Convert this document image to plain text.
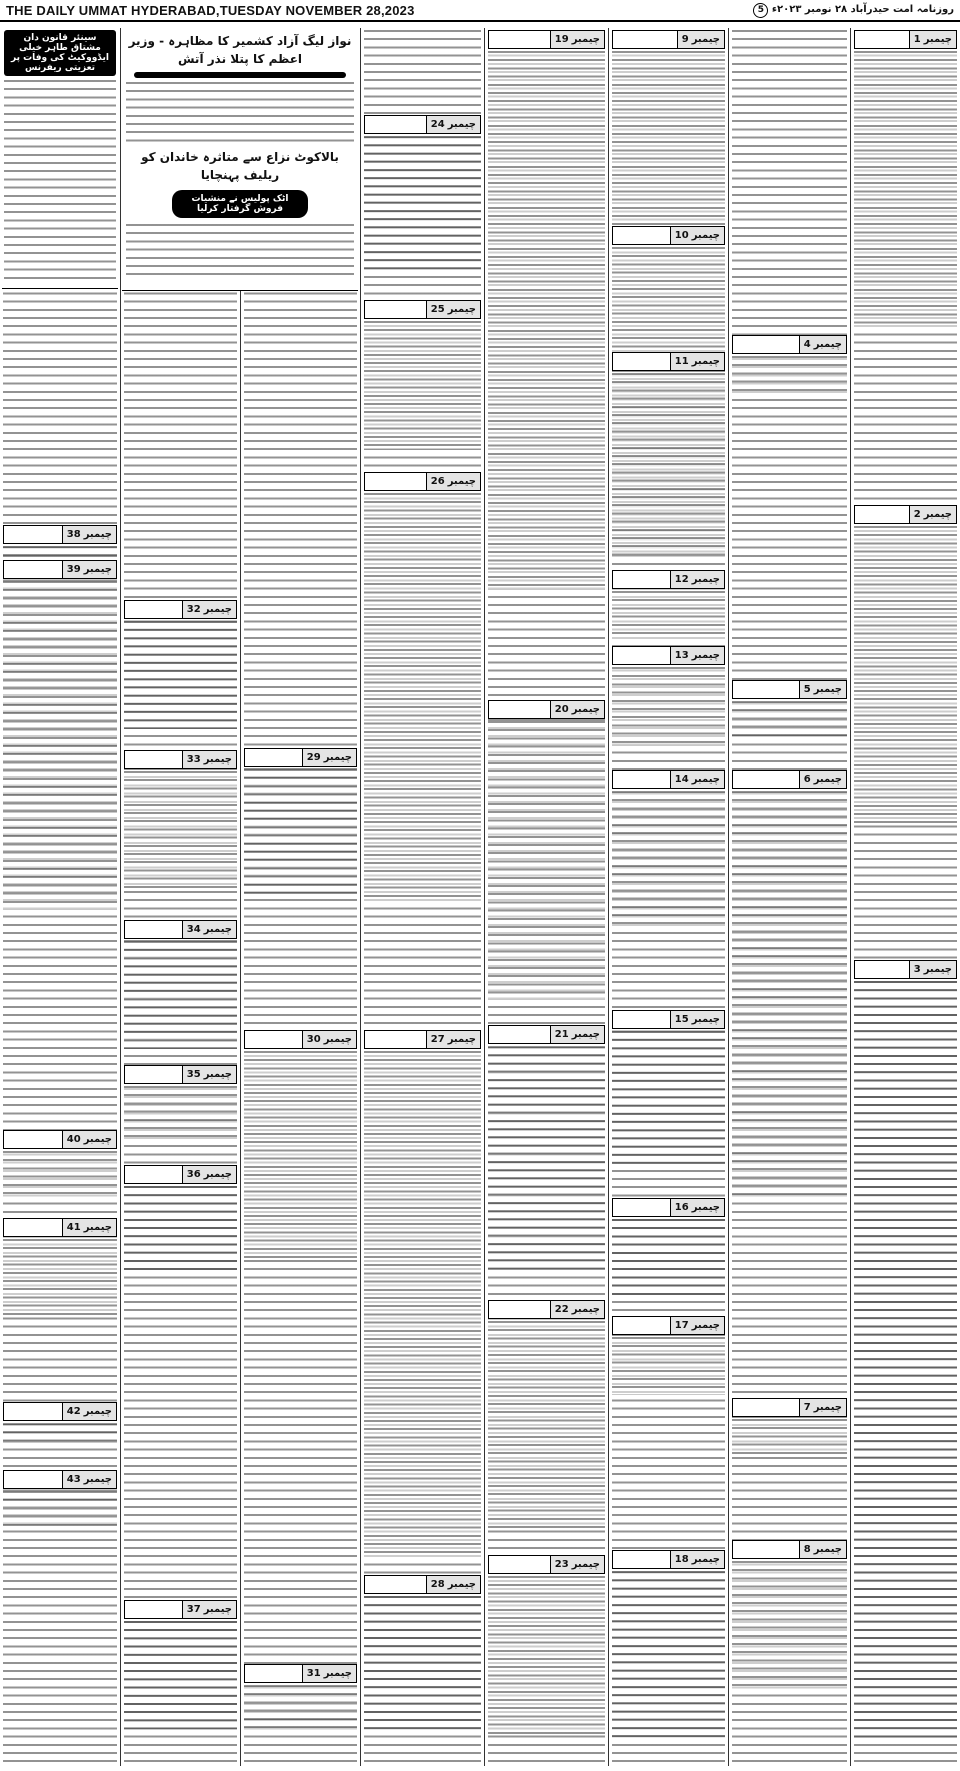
THE DAILY UMMAT HYDERABAD,TUESDAY NOVEMBER 28,2023	روزنامہ امت حیدرآباد ۲۸ نومبر ۲۰۲۳ء 5
چیمبر
1
چیمبر
2
چیمبر
3
چیمبر
4
چیمبر
5
چیمبر
6
چیمبر
7
چیمبر
8
چیمبر
9
چیمبر
10
چیمبر
11
چیمبر
12
چیمبر
13
چیمبر
14
چیمبر
15
چیمبر
16
چیمبر
17
چیمبر
18
چیمبر
19
چیمبر
20
چیمبر
21
چیمبر
22
چیمبر
23
چیمبر
24
چیمبر
25
چیمبر
26
چیمبر
27
چیمبر
28
چیمبر
29
چیمبر
30
چیمبر
31
چیمبر
32
چیمبر
33
چیمبر
34
چیمبر
35
چیمبر
36
چیمبر
37
چیمبر
38
چیمبر
39
چیمبر
40
چیمبر
41
چیمبر
42
چیمبر
43
نواز لیگ آزاد کشمیر کا مظاہرہ - وزیر اعظم کا پتلا نذر آتش
بالاکوٹ نزاع سے متاثرہ خاندان کو ریلیف پہنچایا
اٹک پولیس نے منشیات فروش گرفتار کرلیا
سینئر قانون دان مشتاق طاہر خیلی ایڈووکیٹ کی وفات پر تعزیتی ریفرنس
